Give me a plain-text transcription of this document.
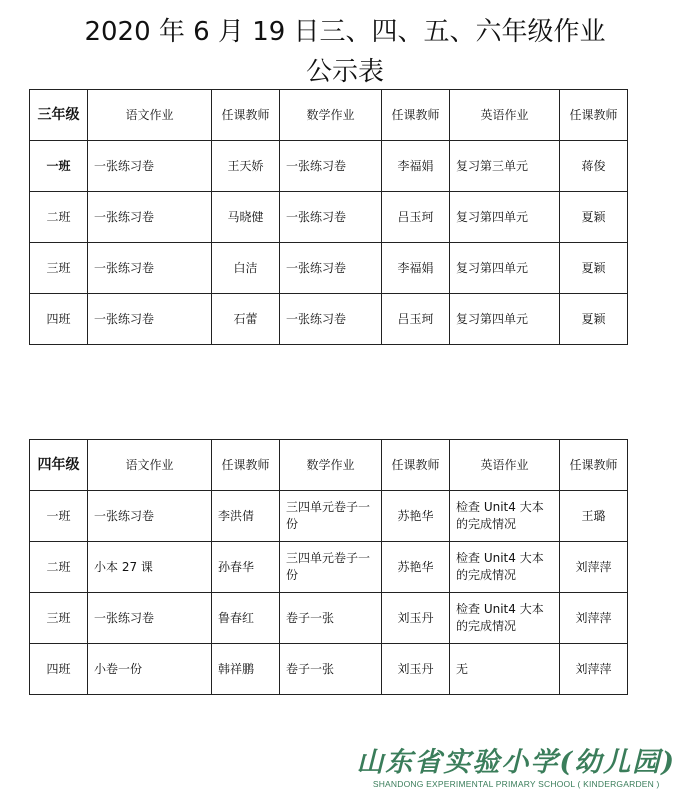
2020 年 6 月 19 日三、四、五、六年级作业
公示表
三年级	语文作业	任课教师	数学作业	任课教师	英语作业	任课教师
一班	一张练习卷	王天娇	一张练习卷	李福娟	复习第三单元	蒋俊
二班	一张练习卷	马晓健	一张练习卷	吕玉珂	复习第四单元	夏颖
三班	一张练习卷	白洁	一张练习卷	李福娟	复习第四单元	夏颖
四班	一张练习卷	石蕾	一张练习卷	吕玉珂	复习第四单元	夏颖
四年级	语文作业	任课教师	数学作业	任课教师	英语作业	任课教师
一班	一张练习卷	李洪倩	三四单元卷子一份	苏艳华	检查 Unit4 大本的完成情况	王璐
二班	小本 27 课	孙春华	三四单元卷子一份	苏艳华	检查 Unit4 大本的完成情况	刘萍萍
三班	一张练习卷	鲁春红	卷子一张	刘玉丹	检查 Unit4 大本的完成情况	刘萍萍
四班	小卷一份	韩祥鹏	卷子一张	刘玉丹	无	刘萍萍
山东省实验小学(幼儿园)
SHANDONG EXPERIMENTAL PRIMARY SCHOOL ( KINDERGARDEN )
